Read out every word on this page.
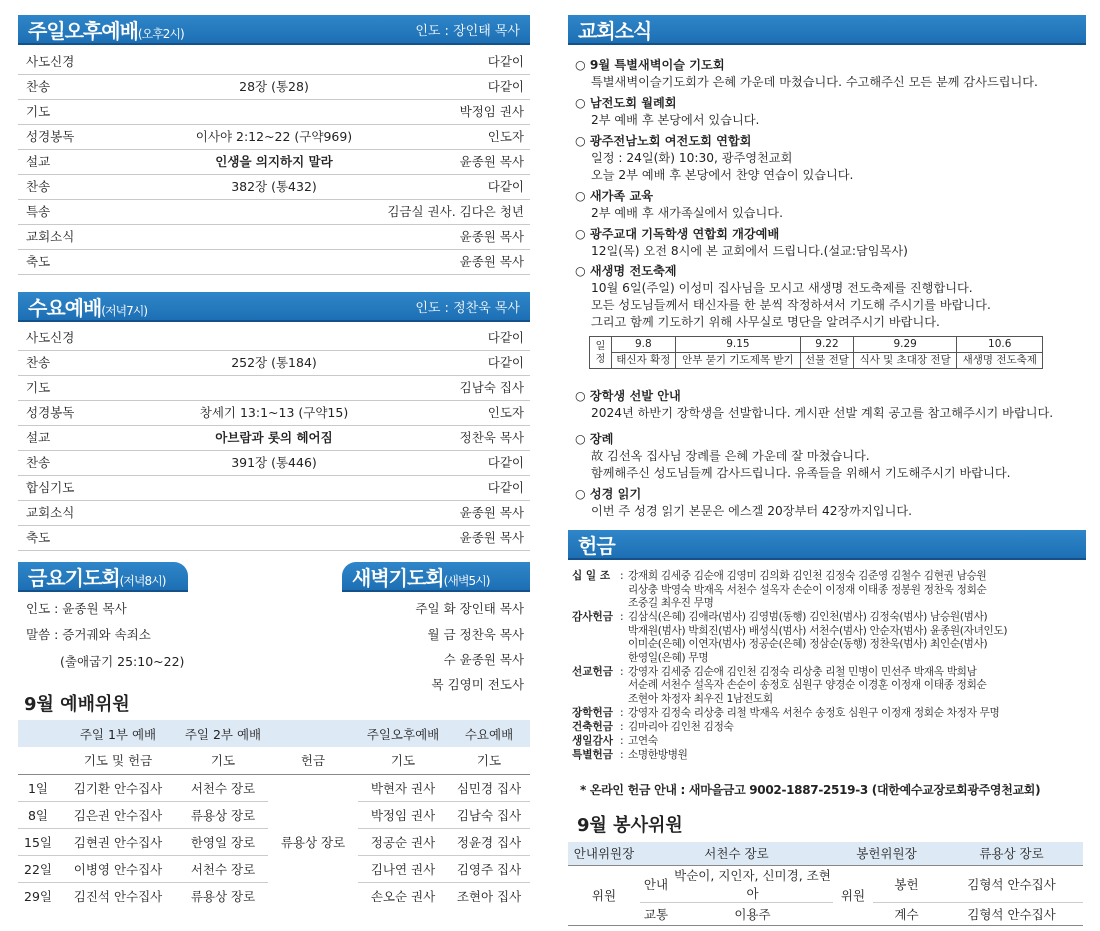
주일오후예배(오후2시)	인도 : 장인태 목사
사도신경	다같이
찬송	28장 (통28)	다같이
기도	박정임 권사
성경봉독	이사야 2:12~22 (구약969)	인도자
설교	인생을 의지하지 말라	윤종원 목사
찬송	382장 (통432)	다같이
특송	김금실 권사. 김다은 청년
교회소식	윤종원 목사
축도	윤종원 목사
수요예배(저녁7시)	인도 : 정찬욱 목사
사도신경	다같이
찬송	252장 (통184)	다같이
기도	김남숙 집사
성경봉독	창세기 13:1~13 (구약15)	인도자
설교	아브람과 롯의 헤어짐	정찬욱 목사
찬송	391장 (통446)	다같이
합심기도	다같이
교회소식	윤종원 목사
축도	윤종원 목사
금요기도회(저녁8시)	새벽기도회(새벽5시)
인도 : 윤종원 목사
말씀 : 증거궤와 속죄소
(출애굽기 25:10~22)
주일 화 장인태 목사
월 금 정찬욱 목사
수 윤종원 목사
목 김영미 전도사
9월 예배위원
	주일 1부 예배	주일 2부 예배		주일오후예배	수요예배
	기도 및 헌금	기도	헌금	기도	기도
1일	김기환 안수집사	서천수 장로	류용상 장로	박현자 권사	심민경 집사
8일	김은권 안수집사	류용상 장로		박정임 권사	김남숙 집사
15일	김현권 안수집사	한영일 장로		정공순 권사	정윤경 집사
22일	이병영 안수집사	서천수 장로		김나연 권사	김영주 집사
29일	김진석 안수집사	류용상 장로		손오순 권사	조현아 집사
교회소식
○ 9월 특별새벽이슬 기도회
특별새벽이슬기도회가 은혜 가운데 마쳤습니다. 수고해주신 모든 분께 감사드립니다.
○ 남전도회 월례회
2부 예배 후 본당에서 있습니다.
○ 광주전남노회 여전도회 연합회
일정 : 24일(화) 10:30, 광주영천교회
오늘 2부 예배 후 본당에서 찬양 연습이 있습니다.
○ 새가족 교육
2부 예배 후 새가족실에서 있습니다.
○ 광주교대 기독학생 연합회 개강예배
12일(목) 오전 8시에 본 교회에서 드립니다.(설교:담임목사)
○ 새생명 전도축제
10월 6일(주일) 이성미 집사님을 모시고 새생명 전도축제를 진행합니다.
모든 성도님들께서 태신자를 한 분씩 작정하셔서 기도해 주시기를 바랍니다.
그리고 함께 기도하기 위해 사무실로 명단을 알려주시기 바랍니다.
○ 장학생 선발 안내
2024년 하반기 장학생을 선발합니다. 게시판 선발 계획 공고를 참고해주시기 바랍니다.
○ 장례
故 김선옥 집사님 장례를 은혜 가운데 잘 마쳤습니다.
함께해주신 성도님들께 감사드립니다. 유족들을 위해서 기도해주시기 바랍니다.
○ 성경 읽기
이번 주 성경 읽기 본문은 에스겔 20장부터 42장까지입니다.
일정	9.8	9.15	9.22	9.29	10.6
	태신자 확정	안부 묻기 기도제목 받기	선물 전달	식사 및 초대장 전달	새생명 전도축제
헌금
십 일 조 : 강재희 김세중 김순애 김영미 김의화 김인천 김정숙 김준영 김철수 김현권 남승원
리상충 박영숙 박재옥 서천수 설옥자 손순이 이정재 이태종 정봉원 정찬욱 정회순
조중길 최우진 무명
감사헌금 : 김삼식(은혜) 김애라(범사) 김영범(동행) 김인천(범사) 김정숙(범사) 남승원(범사)
박재원(범사) 박희진(범사) 배성식(범사) 서천수(범사) 안순자(범사) 윤종원(자녀인도)
이미순(은혜) 이연자(범사) 정공순(은혜) 정삼순(동행) 정찬욱(범사) 최인순(범사)
한영일(은혜) 무명
선교헌금 : 강영자 김세중 김순애 김인천 김정숙 리상충 리철 민병이 민선주 박재옥 박희남
서순례 서천수 설옥자 손순이 송정호 심원구 양경순 이경훈 이정재 이태종 정회순
조현아 차정자 최우진 1남전도회
장학헌금 : 강영자 김정숙 리상충 리철 박재옥 서천수 송정호 심원구 이정재 정회순 차정자 무명
건축헌금 : 김마리아 김인천 김정숙
생일감사 : 고연숙
특별헌금 : 소명한방병원
* 온라인 헌금 안내 : 새마을금고 9002-1887-2519-3 (대한예수교장로회광주영천교회)
9월 봉사위원
안내위원장	서천수 장로		봉헌위원장		류용상 장로
위원	안내	박순이, 지인자, 신미경, 조현아	위원	봉헌	김형석 안수집사
	교통	이용주		계수	김형석 안수집사
